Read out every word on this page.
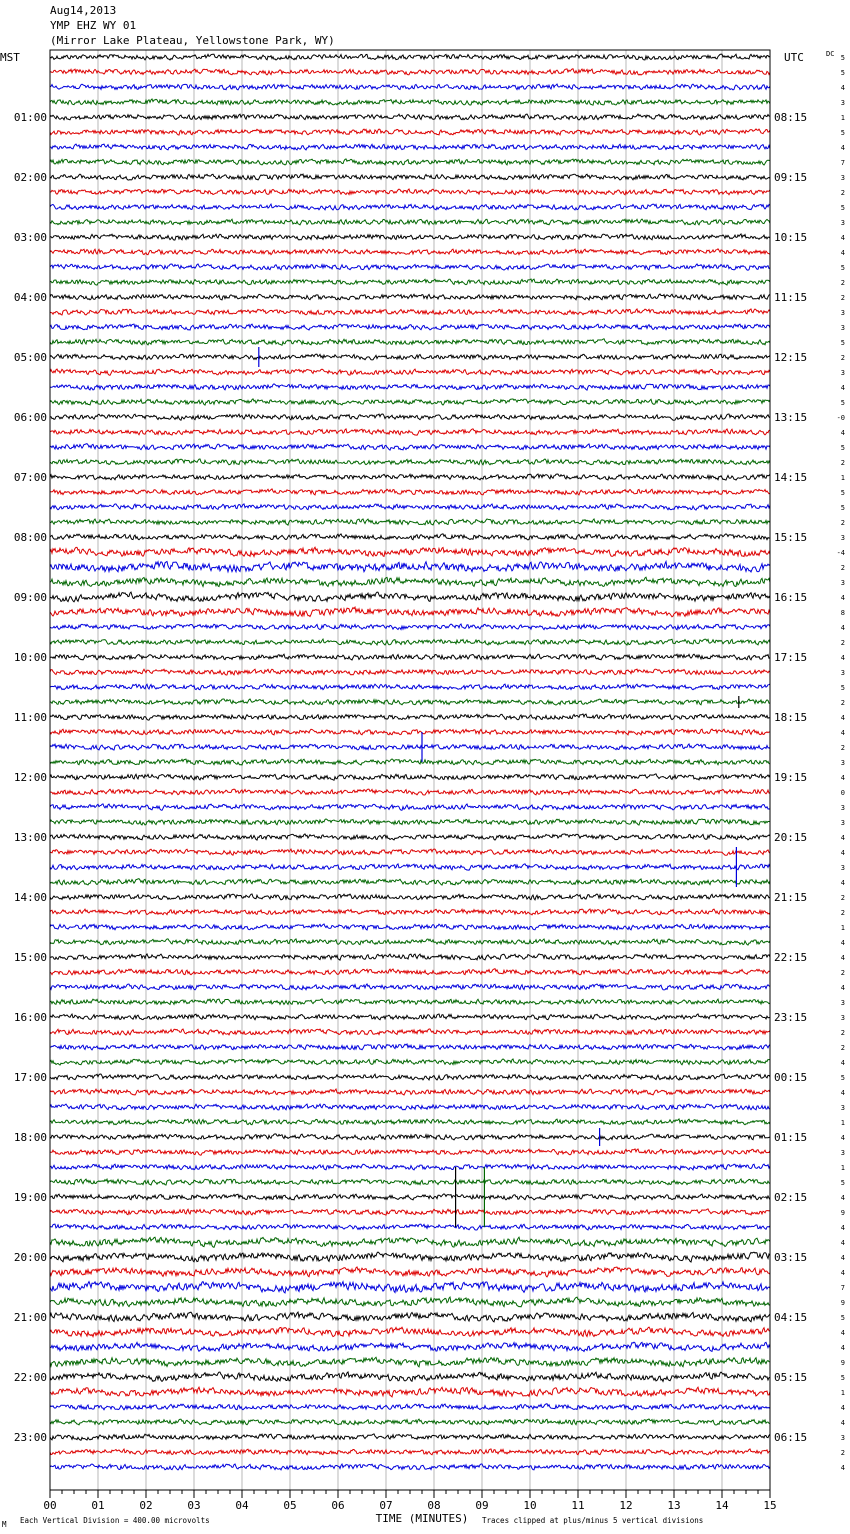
Aug14,2013
YMP EHZ WY 01
(Mirror Lake Plateau, Yellowstone Park, WY)
MST	UTC	DC
01:00
02:00
03:00
04:00
05:00
06:00
07:00
08:00
09:00
10:00
11:00
12:00
13:00
14:00
15:00
16:00
17:00
18:00
19:00
20:00
21:00
22:00
23:00
08:15
09:15
10:15
11:15
12:15
13:15
14:15
15:15
16:15
17:15
18:15
19:15
20:15
21:15
22:15
23:15
00:15
01:15
02:15
03:15
04:15
05:15
06:15
5
5
4
3
1
5
4
7
3
2
5
3
4
4
5
2
2
3
3
5
2
3
4
5
-0
4
5
2
1
5
5
2
3
-4
2
3
4
8
4
2
4
3
5
2
4
4
2
3
4
0
3
3
4
4
3
4
2
2
1
4
4
2
4
3
3
2
2
4
5
4
3
1
4
3
1
5
4
9
4
4
4
4
7
9
5
4
4
9
5
1
4
4
3
2
4
00	01	02	03	04	05	06	07	08	09	10	11	12	13	14	15
TIME (MINUTES)
Each Vertical Division = 400.00 microvolts	Traces clipped at plus/minus 5 vertical divisions
M
